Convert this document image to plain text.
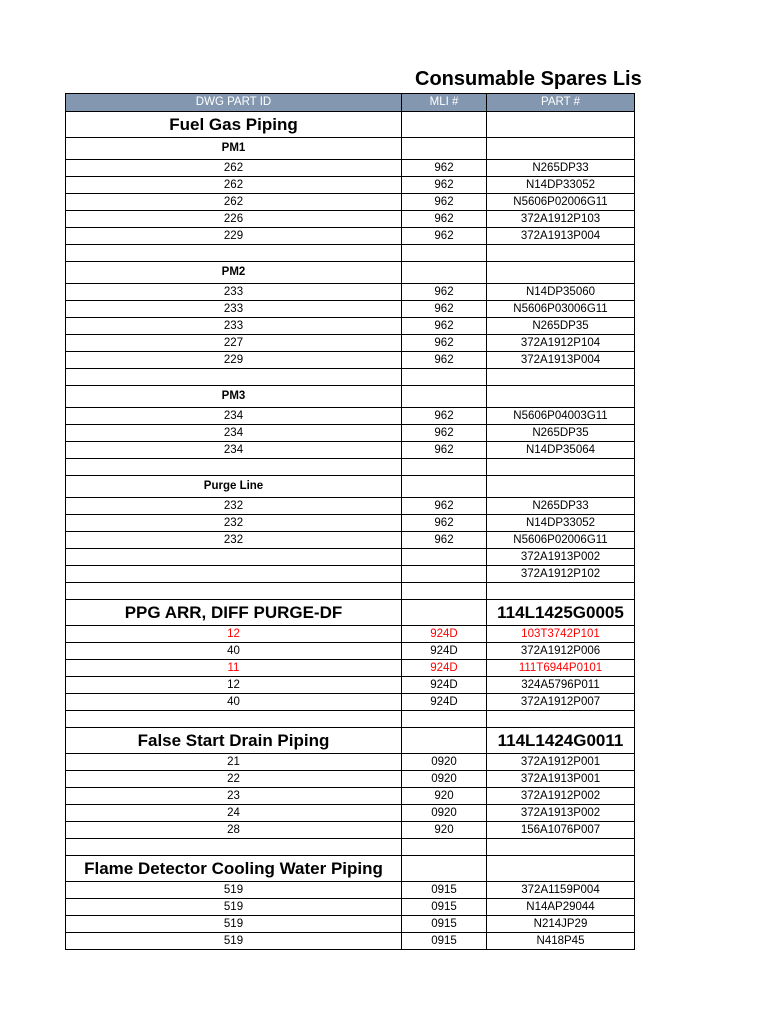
Consumable Spares Lis
DWG PART ID	MLI #	PART #
Fuel Gas Piping		
PM1		
262	962	N265DP33
262	962	N14DP33052
262	962	N5606P02006G11
226	962	372A1912P103
229	962	372A1913P004

PM2		
233	962	N14DP35060
233	962	N5606P03006G11
233	962	N265DP35
227	962	372A1912P104
229	962	372A1913P004

PM3		
234	962	N5606P04003G11
234	962	N265DP35
234	962	N14DP35064

Purge Line		
232	962	N265DP33
232	962	N14DP33052
232	962	N5606P02006G11
		372A1913P002
		372A1912P102

PPG ARR, DIFF PURGE-DF		114L1425G0005
12	924D	103T3742P101
40	924D	372A1912P006
11	924D	111T6944P0101
12	924D	324A5796P011
40	924D	372A1912P007

False Start Drain Piping		114L1424G0011
21	0920	372A1912P001
22	0920	372A1913P001
23	920	372A1912P002
24	0920	372A1913P002
28	920	156A1076P007

Flame Detector Cooling Water Piping		
519	0915	372A1159P004
519	0915	N14AP29044
519	0915	N214JP29
519	0915	N418P45
